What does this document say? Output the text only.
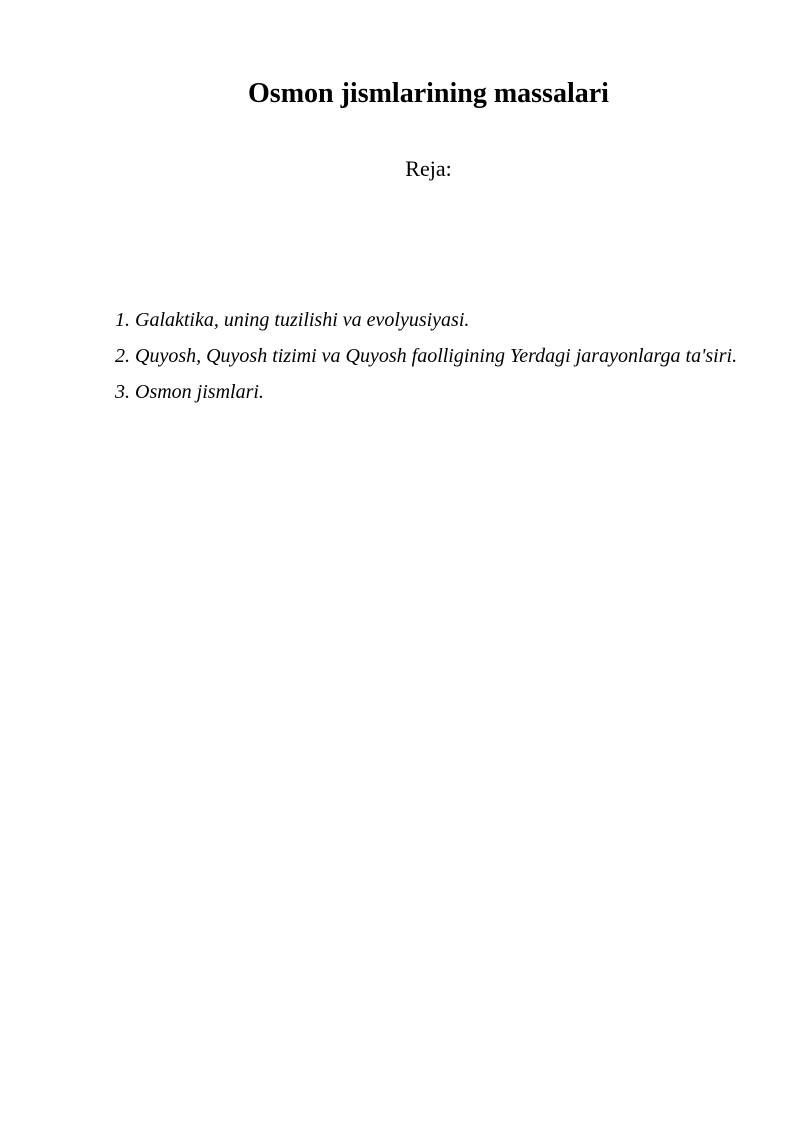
Osmon jismlarining massalari
Reja:
1. Galaktika, uning tuzilishi va evolyusiyasi.
2. Quyosh, Quyosh tizimi va Quyosh faolligining Yerdagi jarayonlarga ta'siri.
3. Osmon jismlari.
